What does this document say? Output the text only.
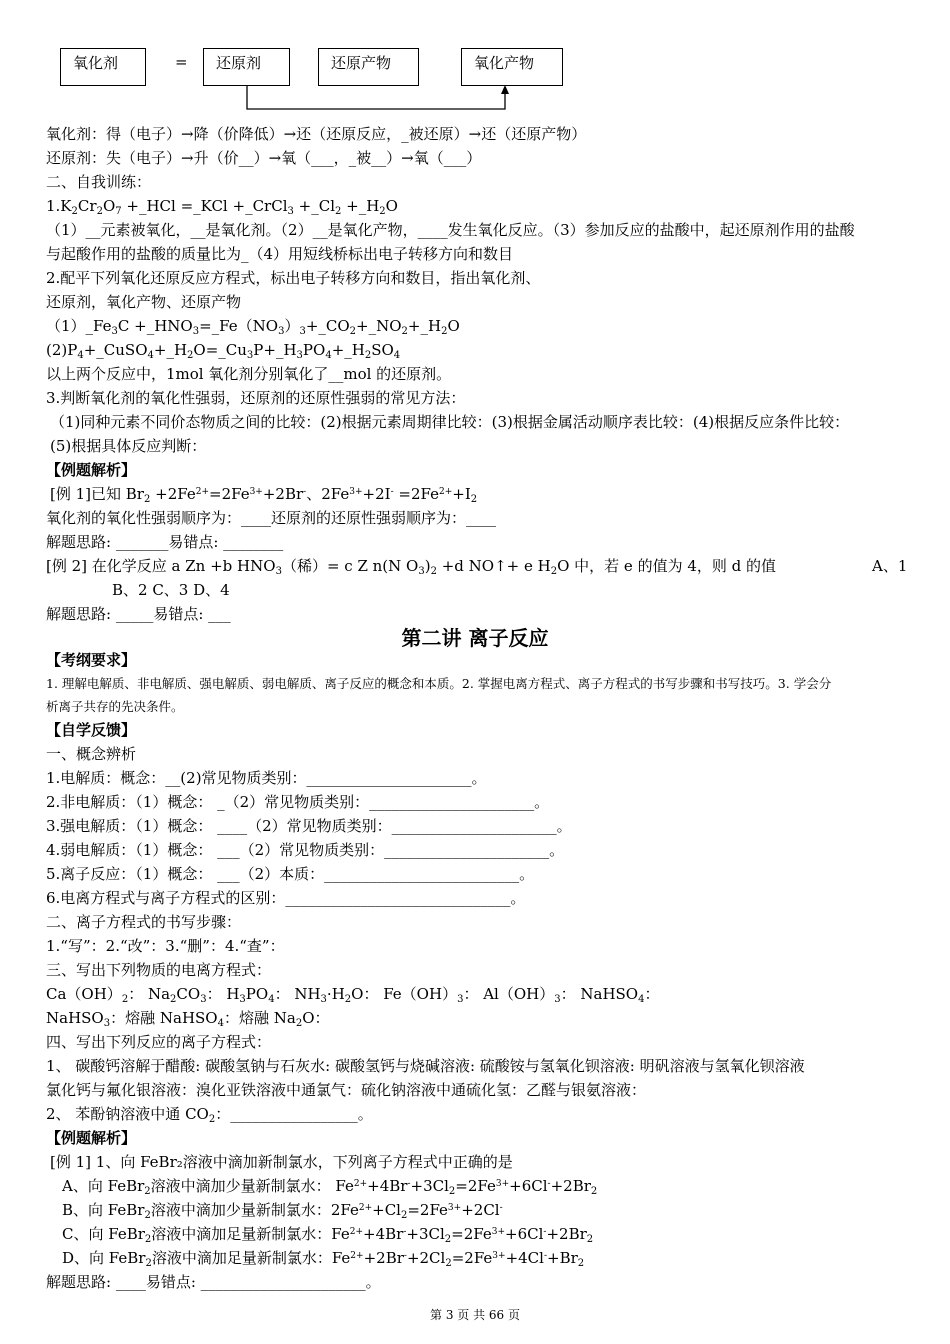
氧化剂	=	还原剂	还原产物	氧化产物
氧化剂：得（电子）→降（价降低）→还（还原反应，_被还原）→还（还原产物）
还原剂：失（电子）→升（价__）→氧（___，_被__）→氧（___）
二、自我训练：
$1.K_2Cr_2O_7$ +_HCl =_KCl +_CrCl$_3$ $+\_Cl_2$ $+\_H_2O$
（1）__元素被氧化，__是氧化剂。（2）__是氧化产物，____发生氧化反应。（3）参加反应的盐酸中，起还原剂作用的盐酸
与起酸作用的盐酸的质量比为_（4）用短线桥标出电子转移方向和数目
2.配平下列氧化还原反应方程式，标出电子转移方向和数目，指出氧化剂、
还原剂，氧化产物、还原产物
$(1)\_Fe_3C$ $+\_HNO_3=\_Fe(NO_3)_3+\_CO_2+\_NO_2+\_H_2O$
$(2)P_4+\_CuSO_4+\_H_2O=\_Cu_3P+\_H_3PO_4+\_H_2SO_4$
以上两个反应中，1mol 氧化剂分别氧化了__mol 的还原剂。
3.判断氧化剂的氧化性强弱，还原剂的还原性强弱的常见方法：
（1)同种元素不同价态物质之间的比较：(2)根据元素周期律比较：(3)根据金属活动顺序表比较：(4)根据反应条件比较：
(5)根据具体反应判断：
【例题解析】
[例 1]已知 $Br_2 +2Fe^{2+}=2Fe^{3+}+2Br^-$、$2Fe^{3+}+2I^- =2Fe^{2+}+I_2$
氧化剂的氧化性强弱顺序为：____还原剂的还原性强弱顺序为：____
解题思路: _______易错点: ________
[例 2] 在化学反应 a Zn +b $HNO_3$（稀）= c Z n(N $O_3)_2 +d$ NO↑+ e $H_2O$ 中，若 e 的值为 4，则 d 的值	A、1
B、2 C、3 D、4
解题思路: _____易错点: ___
第二讲 离子反应
【考纲要求】
1. 理解电解质、非电解质、强电解质、弱电解质、离子反应的概念和本质。2. 掌握电离方程式、离子方程式的书写步骤和书写技巧。3. 学会分
析离子共存的先决条件。
【自学反馈】
一、概念辨析
1.电解质：概念：__(2)常见物质类别：______________________。
2.非电解质：（1）概念： _（2）常见物质类别：______________________。
3.强电解质：（1）概念： ____（2）常见物质类别：______________________。
4.弱电解质：（1）概念： ___（2）常见物质类别：______________________。
5.离子反应：（1）概念： ___（2）本质：__________________________。
6.电离方程式与离子方程式的区别：______________________________。
二、离子方程式的书写步骤：
1.“写”：2.“改”：3.“删”：4.“查”：
三、写出下列物质的电离方程式：
$Ca(OH)_2$： $Na_2CO_3$： $H_3PO_4$： $NH_3\cdot H_2O$： $Fe(OH)_3$： $Al(OH)_3$： NaHSO$_4$：
NaHSO$_3$：熔融 NaHSO$_4$：熔融 $Na_2O$：
四、写出下列反应的离子方程式：
1、 碳酸钙溶解于醋酸: 碳酸氢钠与石灰水: 碳酸氢钙与烧碱溶液: 硫酸铵与氢氧化钡溶液: 明矾溶液与氢氧化钡溶液
氯化钙与氟化银溶液：溴化亚铁溶液中通氯气：硫化钠溶液中通硫化氢：乙醛与银氨溶液：
2、 苯酚钠溶液中通 $CO_2$：_________________。
【例题解析】
[例 1] 1、向 FeBr₂溶液中滴加新制氯水，下列离子方程式中正确的是
A、向 FeBr$_2$溶液中滴加少量新制氯水： $Fe^{2+}+4Br^-+3Cl_2=2Fe^{3+}+6Cl^-+2Br_2$
B、向 FeBr$_2$溶液中滴加少量新制氯水：$2Fe^{2+}+Cl_2=2Fe^{3+}+2Cl^-$
C、向 FeBr$_2$溶液中滴加足量新制氯水：$Fe^{2+}+4Br^-+3Cl_2=2Fe^{3+}+6Cl^-+2Br_2$
D、向 FeBr$_2$溶液中滴加足量新制氯水：$Fe^{2+}+2Br^-+2Cl_2=2Fe^{3+}+4Cl^-+Br_2$
解题思路: ____易错点: ______________________。
第 3 页 共 66 页
